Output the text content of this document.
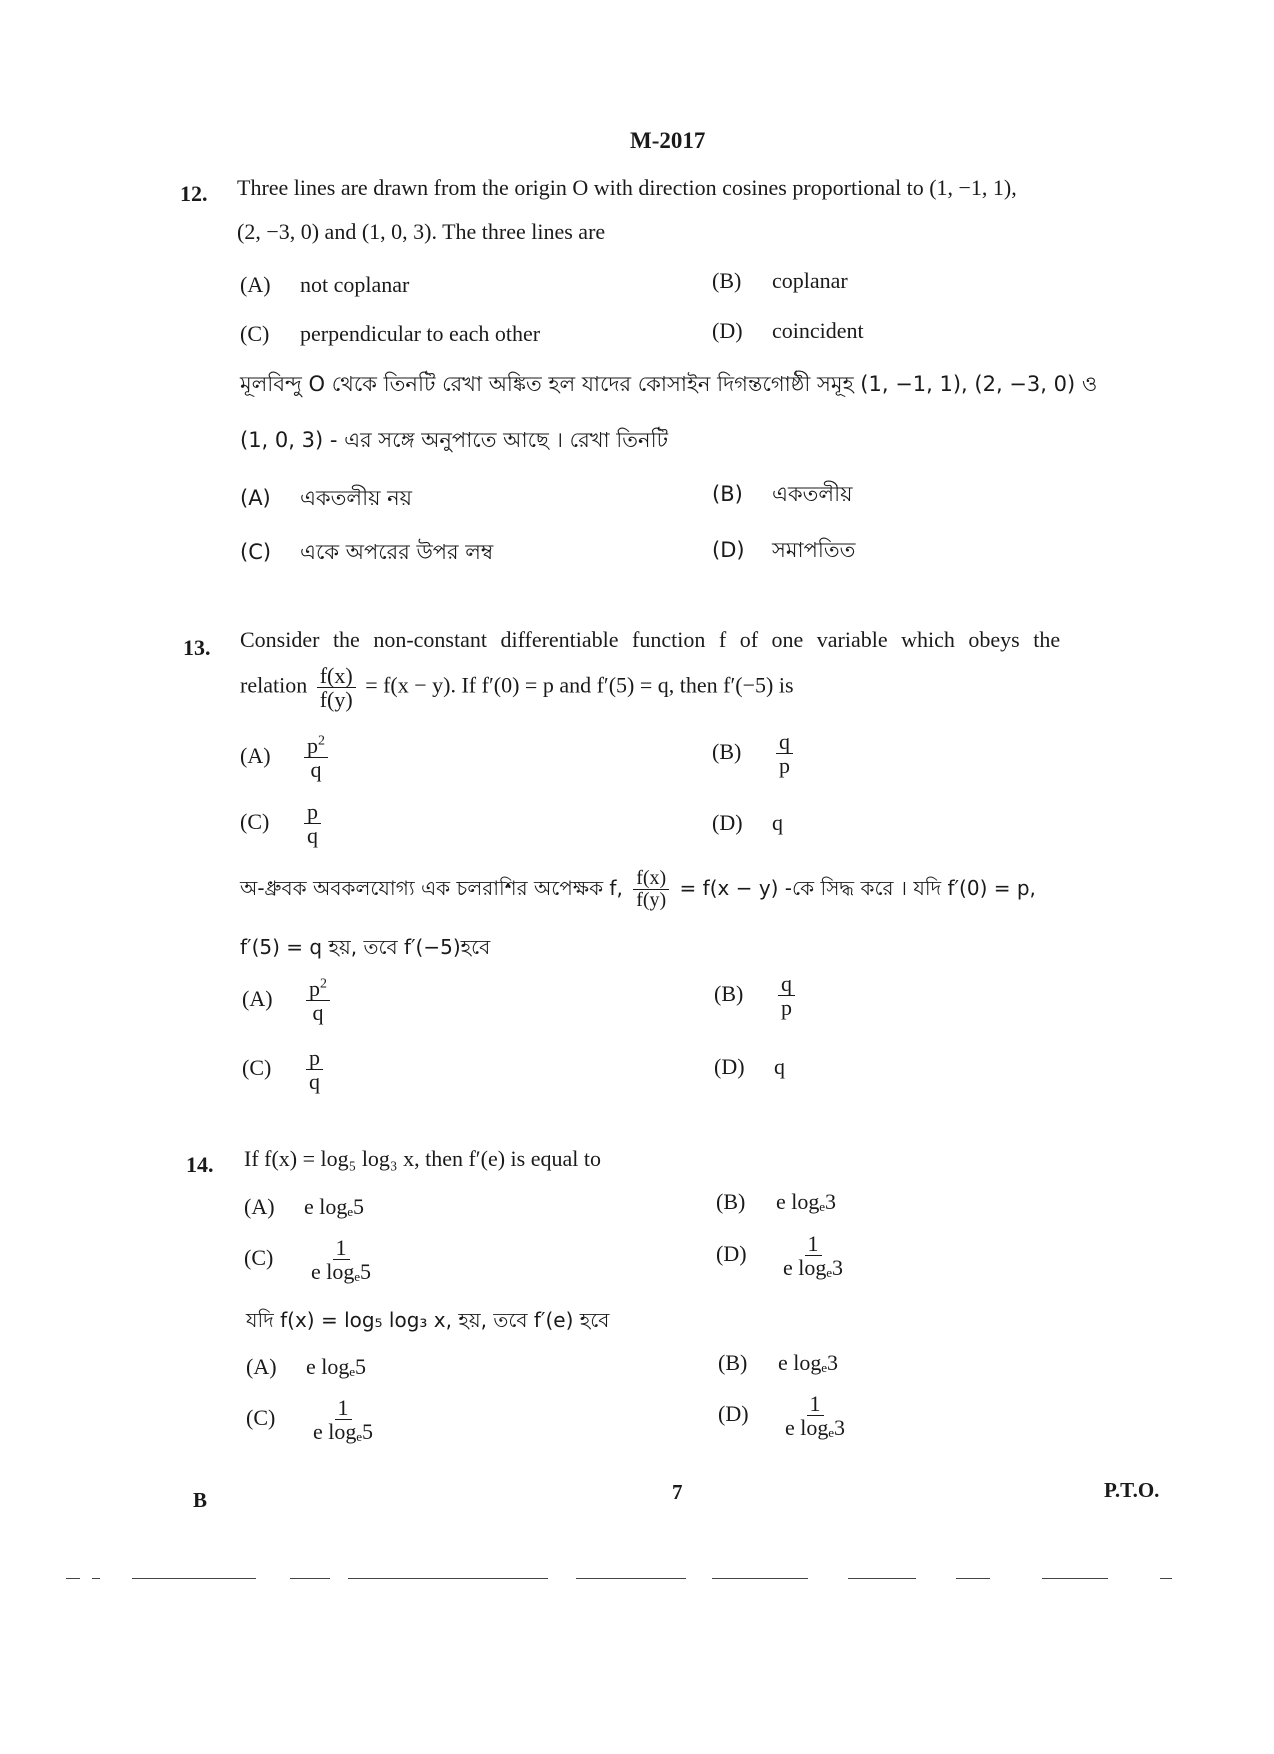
M-2017
12. Three lines are drawn from the origin O with direction cosines proportional to (1, −1, 1),
(2, −3, 0) and (1, 0, 3). The three lines are
(A) not coplanar	(B) coplanar
(C) perpendicular to each other	(D) coincident
মূলবিন্দু O থেকে তিনটি রেখা অঙ্কিত হল যাদের কোসাইন দিগন্তগোষ্ঠী সমূহ (1, −1, 1), (2, −3, 0) ও
(1, 0, 3) - এর সঙ্গে অনুপাতে আছে । রেখা তিনটি
(A) একতলীয় নয়	(B) একতলীয়
(C) একে অপরের উপর লম্ব	(D) সমাপতিত
13. Consider the non-constant differentiable function f of one variable which obeys the
relation $\frac{f(x)}{f(y)} = f(x - y)$. If f′(0) = p and f′(5) = q, then f′(−5) is
$(A) \frac{p^2}{q}$	$(B) \frac{q}{p}$
$(C) \frac{p}{q}$	(D) q
অ-ধ্রুবক অবকলযোগ্য এক চলরাশির অপেক্ষক f, $\frac{f(x)}{f(y)} = f(x - y)$ -কে সিদ্ধ করে । যদি f′(0) = p,
f′(5) = q হয়, তবে f′(−5)হবে
$(A) \frac{p^2}{q}$	$(B) \frac{q}{p}$
$(C) \frac{p}{q}$	(D) q
14. If f(x) = log₅ log₃ x, then f′(e) is equal to
(A) e logₑ5	(B) e logₑ3
$(C) \frac{1}{\text{e logₑ5}}$	$(D) \frac{1}{\text{e logₑ3}}$
যদি f(x) = log₅ log₃ x, হয়, তবে f′(e) হবে
(A) e logₑ5	(B) e logₑ3
$(C) \frac{1}{\text{e logₑ5}}$	$(D) \frac{1}{\text{e logₑ3}}$
B	7	P.T.O.
